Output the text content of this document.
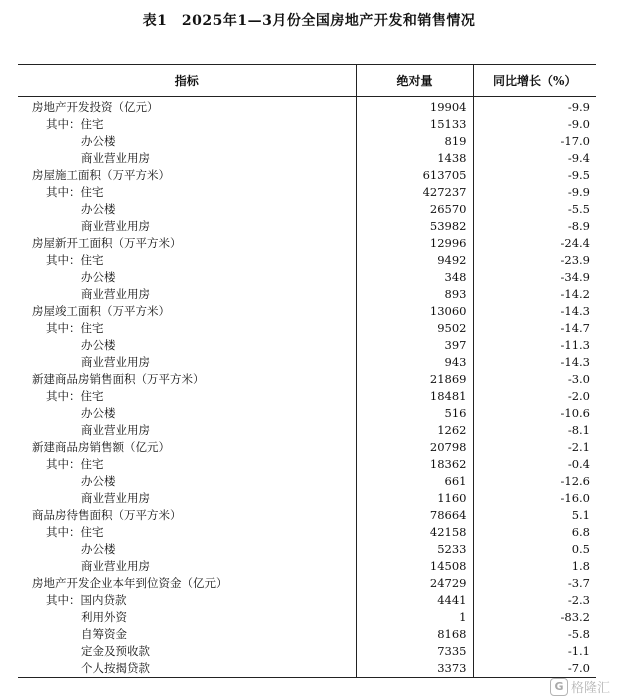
表1　2025年1—3月份全国房地产开发和销售情况
指标	绝对量	同比增长（%）
房地产开发投资（亿元）	19904	-9.9
其中：住宅	15133	-9.0
办公楼	819	-17.0
商业营业用房	1438	-9.4
房屋施工面积（万平方米）	613705	-9.5
其中：住宅	427237	-9.9
办公楼	26570	-5.5
商业营业用房	53982	-8.9
房屋新开工面积（万平方米）	12996	-24.4
其中：住宅	9492	-23.9
办公楼	348	-34.9
商业营业用房	893	-14.2
房屋竣工面积（万平方米）	13060	-14.3
其中：住宅	9502	-14.7
办公楼	397	-11.3
商业营业用房	943	-14.3
新建商品房销售面积（万平方米）	21869	-3.0
其中：住宅	18481	-2.0
办公楼	516	-10.6
商业营业用房	1262	-8.1
新建商品房销售额（亿元）	20798	-2.1
其中：住宅	18362	-0.4
办公楼	661	-12.6
商业营业用房	1160	-16.0
商品房待售面积（万平方米）	78664	5.1
其中：住宅	42158	6.8
办公楼	5233	0.5
商业营业用房	14508	1.8
房地产开发企业本年到位资金（亿元）	24729	-3.7
其中：国内贷款	4441	-2.3
利用外资	1	-83.2
自筹资金	8168	-5.8
定金及预收款	7335	-1.1
个人按揭贷款	3373	-7.0
G 格隆汇
